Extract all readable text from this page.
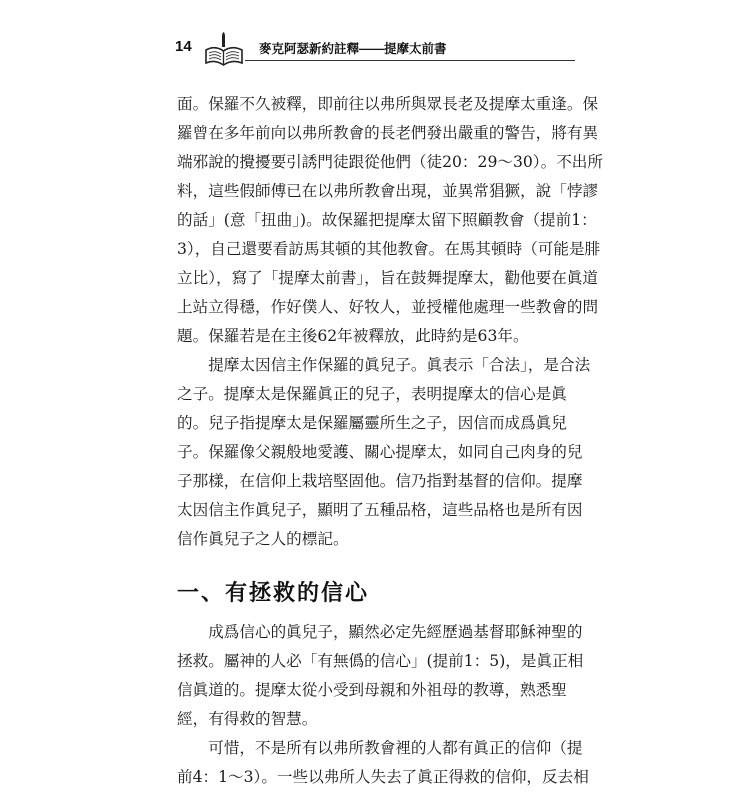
14	麥克阿瑟新約註釋——提摩太前書

面。保羅不久被釋，即前往以弗所與眾長老及提摩太重逢。保
羅曾在多年前向以弗所教會的長老們發出嚴重的警告，將有異
端邪說的攪擾要引誘門徒跟從他們（徒20：29～30）。不出所
料，這些假師傅已在以弗所教會出現，並異常猖獗，說「悖謬
的話」(意「扭曲」)。故保羅把提摩太留下照顧教會（提前1：
3），自己還要看訪馬其頓的其他教會。在馬其頓時（可能是腓
立比），寫了「提摩太前書」，旨在鼓舞提摩太，勸他要在眞道
上站立得穩，作好僕人、好牧人，並授權他處理一些教會的問
題。保羅若是在主後62年被釋放，此時約是63年。

　　提摩太因信主作保羅的眞兒子。眞表示「合法」，是合法
之子。提摩太是保羅眞正的兒子，表明提摩太的信心是眞
的。兒子指提摩太是保羅屬靈所生之子，因信而成爲眞兒
子。保羅像父親般地愛護、關心提摩太，如同自己肉身的兒
子那樣，在信仰上栽培堅固他。信乃指對基督的信仰。提摩
太因信主作眞兒子，顯明了五種品格，這些品格也是所有因
信作眞兒子之人的標記。

一、有拯救的信心

　　成爲信心的眞兒子，顯然必定先經歷過基督耶穌神聖的
拯救。屬神的人必「有無僞的信心」(提前1：5)，是眞正相
信眞道的。提摩太從小受到母親和外祖母的教導，熟悉聖
經，有得救的智慧。

　　可惜，不是所有以弗所教會裡的人都有眞正的信仰（提
前4：1～3）。一些以弗所人失去了眞正得救的信仰，反去相
